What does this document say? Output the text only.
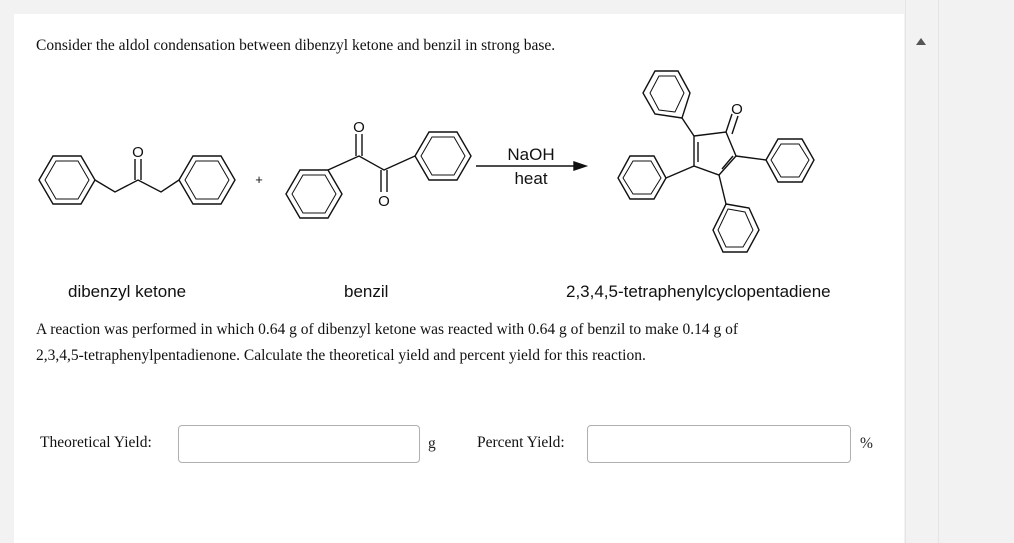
Consider the aldol condensation between dibenzyl ketone and benzil in strong base.
O
+
O
O
NaOH
heat
O
dibenzyl ketone	benzil	2,3,4,5-tetraphenylcyclopentadiene
A reaction was performed in which 0.64 g of dibenzyl ketone was reacted with 0.64 g of benzil to make 0.14 g of
2,3,4,5-tetraphenylpentadienone. Calculate the theoretical yield and percent yield for this reaction.
Theoretical Yield:	g	Percent Yield:	%
